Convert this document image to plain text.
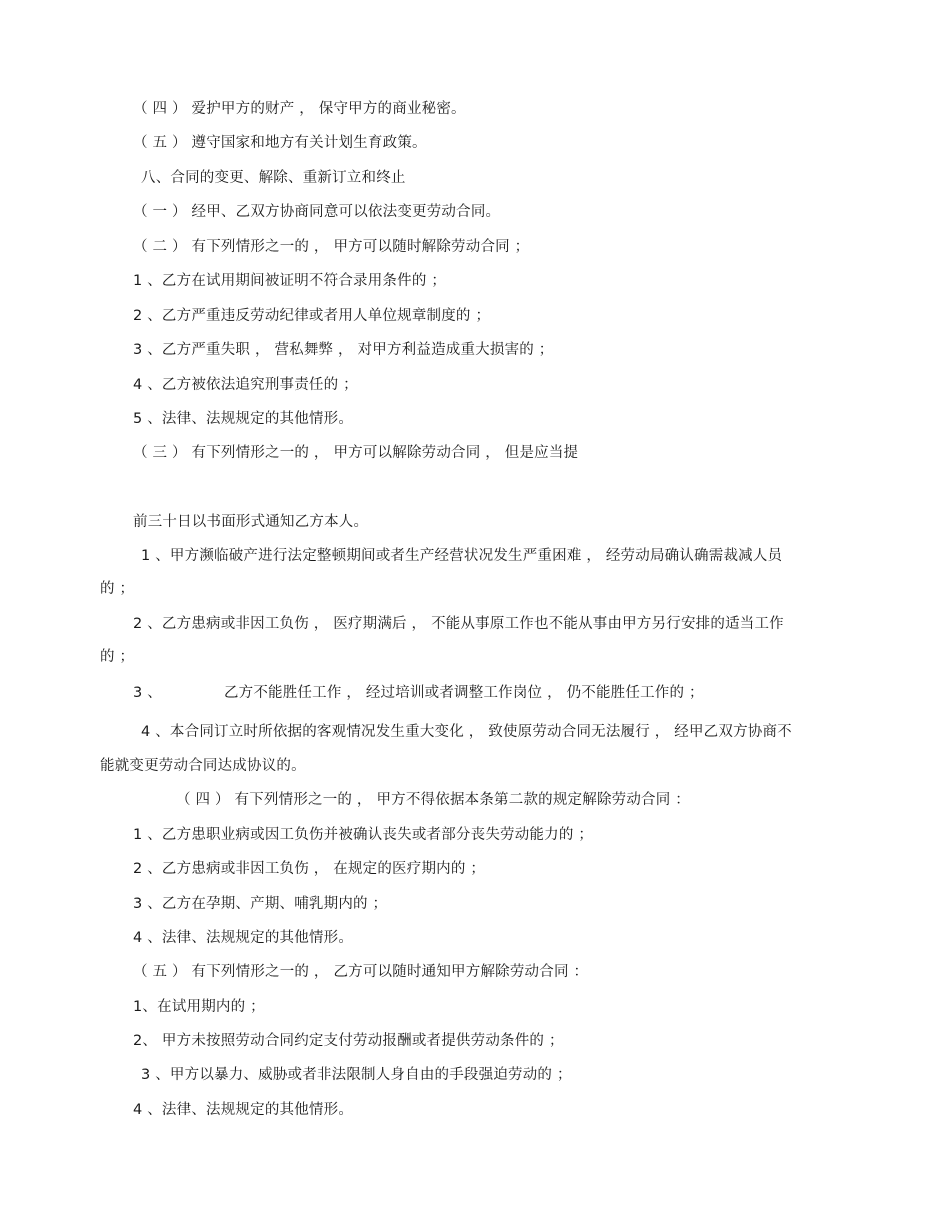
（ 四 ） 爱护甲方的财产 ， 保守甲方的商业秘密。
（ 五 ） 遵守国家和地方有关计划生育政策。
八、合同的变更、解除、重新订立和终止
（ 一 ） 经甲、乙双方协商同意可以依法变更劳动合同。
（ 二 ） 有下列情形之一的 ， 甲方可以随时解除劳动合同 ；
1 、乙方在试用期间被证明不符合录用条件的 ；
2 、乙方严重违反劳动纪律或者用人单位规章制度的 ；
3 、乙方严重失职 ， 营私舞弊 ， 对甲方利益造成重大损害的 ；
4 、乙方被依法追究刑事责任的 ；
5 、法律、法规规定的其他情形。
（ 三 ） 有下列情形之一的 ， 甲方可以解除劳动合同 ， 但是应当提
前三十日以书面形式通知乙方本人。
1 、甲方濒临破产进行法定整顿期间或者生产经营状况发生严重困难 ， 经劳动局确认确需裁减人员
的 ；
2 、乙方患病或非因工负伤 ， 医疗期满后 ， 不能从事原工作也不能从事由甲方另行安排的适当工作
的 ；
3 、	乙方不能胜任工作 ， 经过培训或者调整工作岗位 ， 仍不能胜任工作的 ；
4 、本合同订立时所依据的客观情况发生重大变化 ， 致使原劳动合同无法履行 ， 经甲乙双方协商不
能就变更劳动合同达成协议的。
（ 四 ） 有下列情形之一的 ， 甲方不得依据本条第二款的规定解除劳动合同 ：
1 、乙方患职业病或因工负伤并被确认丧失或者部分丧失劳动能力的 ；
2 、乙方患病或非因工负伤 ， 在规定的医疗期内的 ；
3 、乙方在孕期、产期、哺乳期内的 ；
4 、法律、法规规定的其他情形。
（ 五 ） 有下列情形之一的 ， 乙方可以随时通知甲方解除劳动合同 ：
1、在试用期内的 ；
2、 甲方未按照劳动合同约定支付劳动报酬或者提供劳动条件的 ；
3 、甲方以暴力、威胁或者非法限制人身自由的手段强迫劳动的 ；
4 、法律、法规规定的其他情形。
